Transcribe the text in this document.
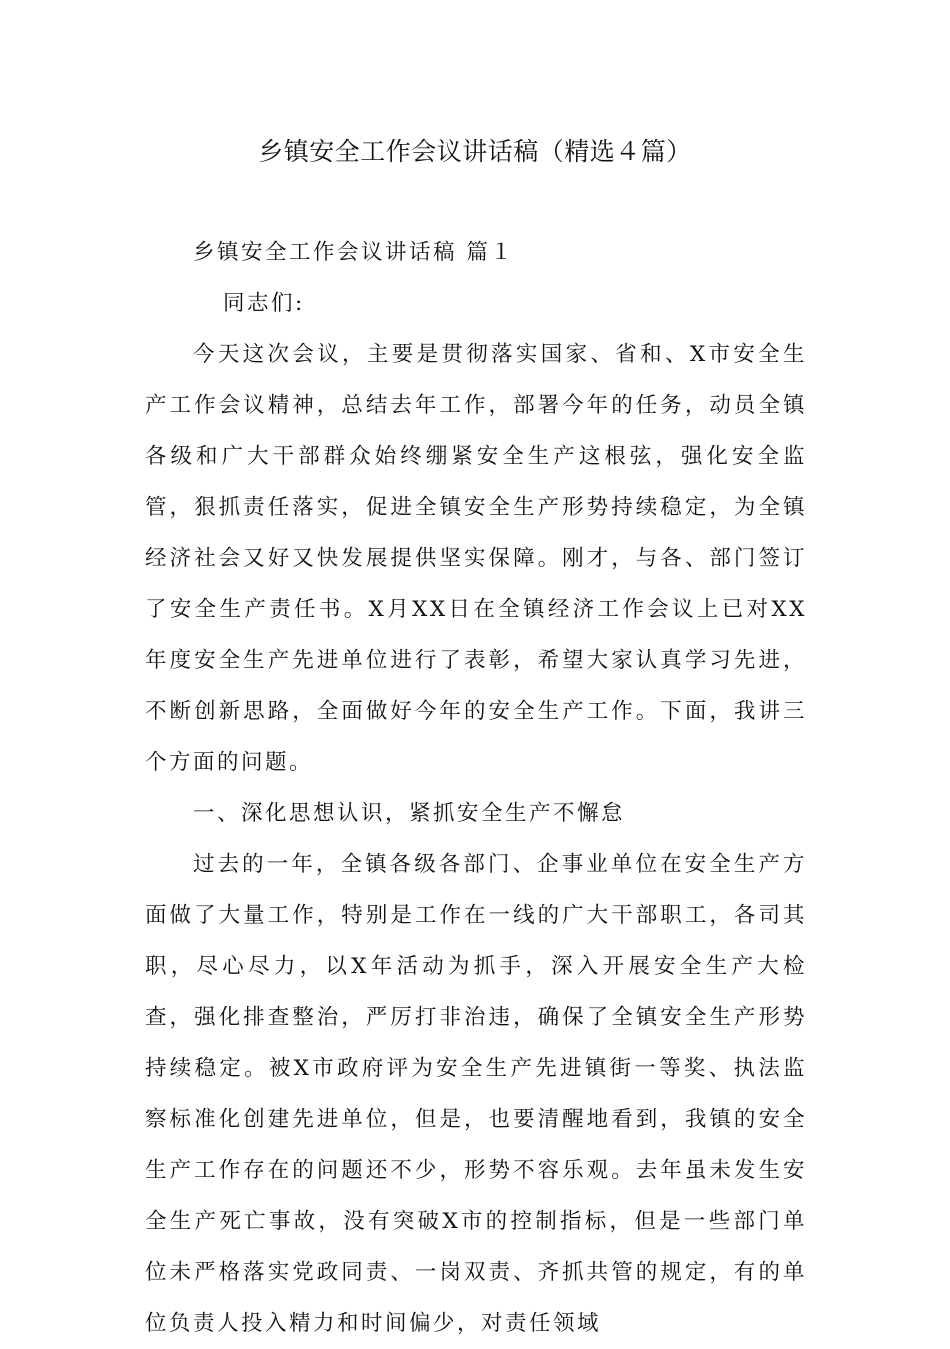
乡镇安全工作会议讲话稿（精选４篇）

乡镇安全工作会议讲话稿 篇１

同志们:

今天这次会议，主要是贯彻落实国家、省和、X市安全生产工作会议精神，总结去年工作，部署今年的任务，动员全镇各级和广大干部群众始终绷紧安全生产这根弦，强化安全监管，狠抓责任落实，促进全镇安全生产形势持续稳定，为全镇经济社会又好又快发展提供坚实保障。刚才，与各、部门签订了安全生产责任书。X月XX日在全镇经济工作会议上已对XX年度安全生产先进单位进行了表彰，希望大家认真学习先进，不断创新思路，全面做好今年的安全生产工作。下面，我讲三个方面的问题。

一、深化思想认识，紧抓安全生产不懈怠

过去的一年，全镇各级各部门、企事业单位在安全生产方面做了大量工作，特别是工作在一线的广大干部职工，各司其职，尽心尽力，以X年活动为抓手，深入开展安全生产大检查，强化排查整治，严厉打非治违，确保了全镇安全生产形势持续稳定。被X市政府评为安全生产先进镇街一等奖、执法监察标准化创建先进单位，但是，也要清醒地看到，我镇的安全生产工作存在的问题还不少，形势不容乐观。去年虽未发生安全生产死亡事故，没有突破X市的控制指标，但是一些部门单位未严格落实党政同责、一岗双责、齐抓共管的规定，有的单位负责人投入精力和时间偏少，对责任领域
